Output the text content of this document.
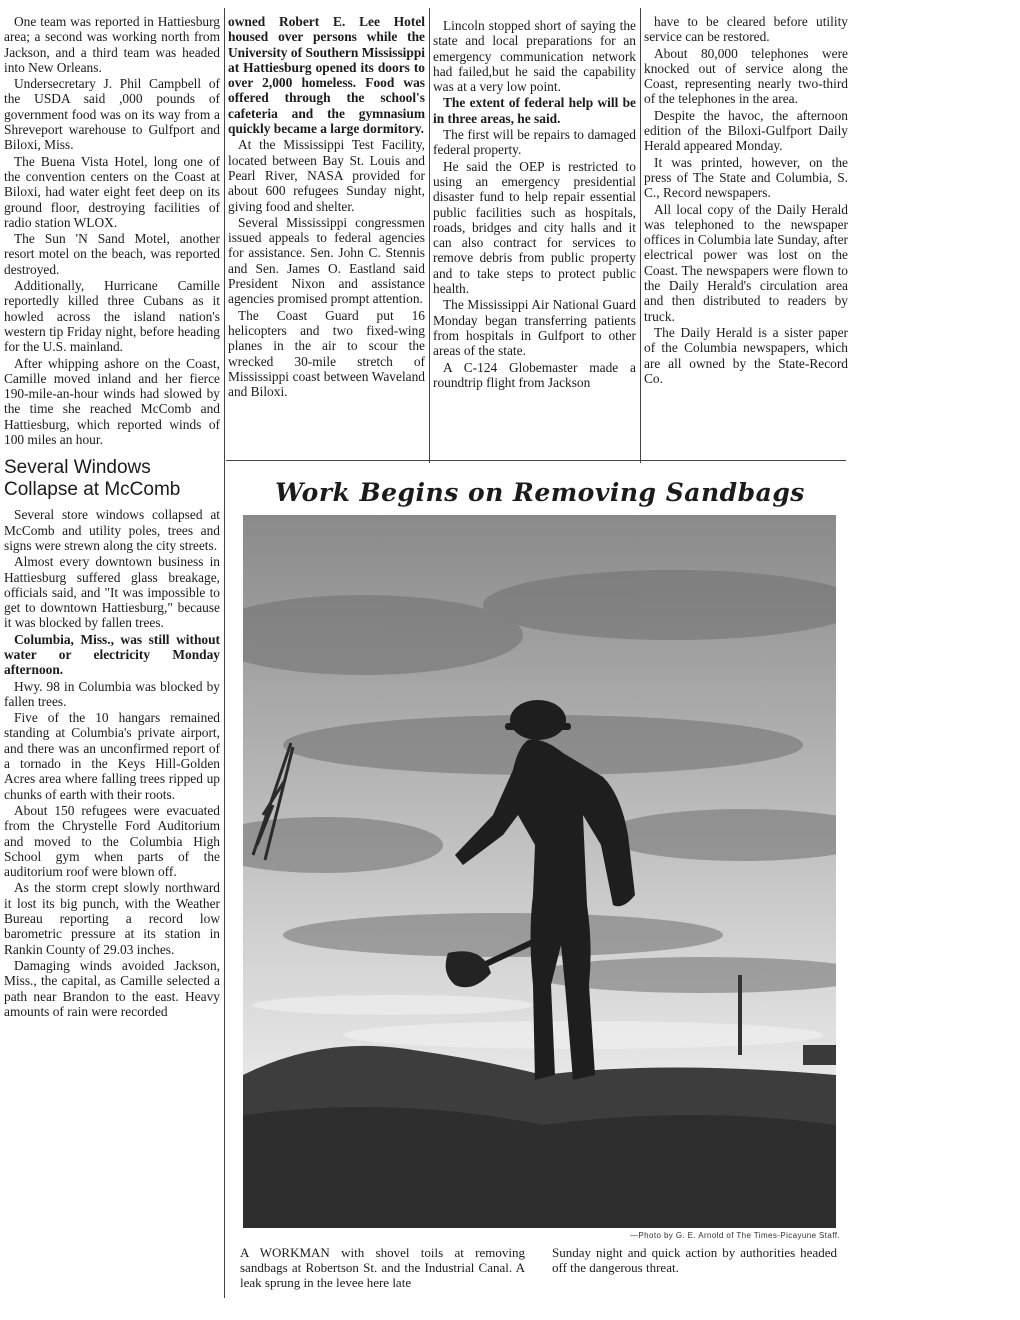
One team was reported in Hattiesburg area; a second was working north from Jackson, and a third team was headed into New Orleans.

Undersecretary J. Phil Campbell of the USDA said ,000 pounds of government food was on its way from a Shreveport warehouse to Gulfport and Biloxi, Miss.

The Buena Vista Hotel, long one of the convention centers on the Coast at Biloxi, had water eight feet deep on its ground floor, destroying facilities of radio station WLOX.

The Sun 'N Sand Motel, another resort motel on the beach, was reported destroyed.

Additionally, Hurricane Camille reportedly killed three Cubans as it howled across the island nation's western tip Friday night, before heading for the U.S. mainland.

After whipping ashore on the Coast, Camille moved inland and her fierce 190-mile-an-hour winds had slowed by the time she reached McComb and Hattiesburg, which reported winds of 100 miles an hour.

Several Windows Collapse at McComb

Several store windows collapsed at McComb and utility poles, trees and signs were strewn along the city streets.

Almost every downtown business in Hattiesburg suffered glass breakage, officials said, and "It was impossible to get to downtown Hattiesburg," because it was blocked by fallen trees.

Columbia, Miss., was still without water or electricity Monday afternoon.

Hwy. 98 in Columbia was blocked by fallen trees.

Five of the 10 hangars remained standing at Columbia's private airport, and there was an unconfirmed report of a tornado in the Keys Hill-Golden Acres area where falling trees ripped up chunks of earth with their roots.

About 150 refugees were evacuated from the Chrystelle Ford Auditorium and moved to the Columbia High School gym when parts of the auditorium roof were blown off.

As the storm crept slowly northward it lost its big punch, with the Weather Bureau reporting a record low barometric pressure at its station in Rankin County of 29.03 inches.

Damaging winds avoided Jackson, Miss., the capital, as Camille selected a path near Brandon to the east. Heavy amounts of rain were recorded

owned Robert E. Lee Hotel housed over persons while the University of Southern Mississippi at Hattiesburg opened its doors to over 2,000 homeless. Food was offered through the school's cafeteria and the gymnasium quickly became a large dormitory.

At the Mississippi Test Facility, located between Bay St. Louis and Pearl River, NASA provided for about 600 refugees Sunday night, giving food and shelter.

Several Mississippi congressmen issued appeals to federal agencies for assistance. Sen. John C. Stennis and Sen. James O. Eastland said President Nixon and assistance agencies promised prompt attention.

The Coast Guard put 16 helicopters and two fixed-wing planes in the air to scour the wrecked 30-mile stretch of Mississippi coast between Waveland and Biloxi.

Lincoln stopped short of saying the state and local preparations for an emergency communication network had failed,but he said the capability was at a very low point.

The extent of federal help will be in three areas, he said.

The first will be repairs to damaged federal property.

He said the OEP is restricted to using an emergency presidential disaster fund to help repair essential public facilities such as hospitals, roads, bridges and city halls and it can also contract for services to remove debris from public property and to take steps to protect public health.

The Mississippi Air National Guard Monday began transferring patients from hospitals in Gulfport to other areas of the state.

A C-124 Globemaster made a roundtrip flight from Jackson

have to be cleared before utility service can be restored.

About 80,000 telephones were knocked out of service along the Coast, representing nearly two-third of the telephones in the area.

Despite the havoc, the afternoon edition of the Biloxi-Gulfport Daily Herald appeared Monday.

It was printed, however, on the press of The State and Columbia, S. C., Record newspapers.

All local copy of the Daily Herald was telephoned to the newspaper offices in Columbia late Sunday, after electrical power was lost on the Coast. The newspapers were flown to the Daily Herald's circulation area and then distributed to readers by truck.

The Daily Herald is a sister paper of the Columbia newspapers, which are all owned by the State-Record Co.

Work Begins on Removing Sandbags
—Photo by G. E. Arnold of The Times-Picayune Staff.
A WORKMAN with shovel toils at removing sandbags at Robertson St. and the Industrial Canal. A leak sprung in the levee here late
Sunday night and quick action by authorities headed off the dangerous threat.
